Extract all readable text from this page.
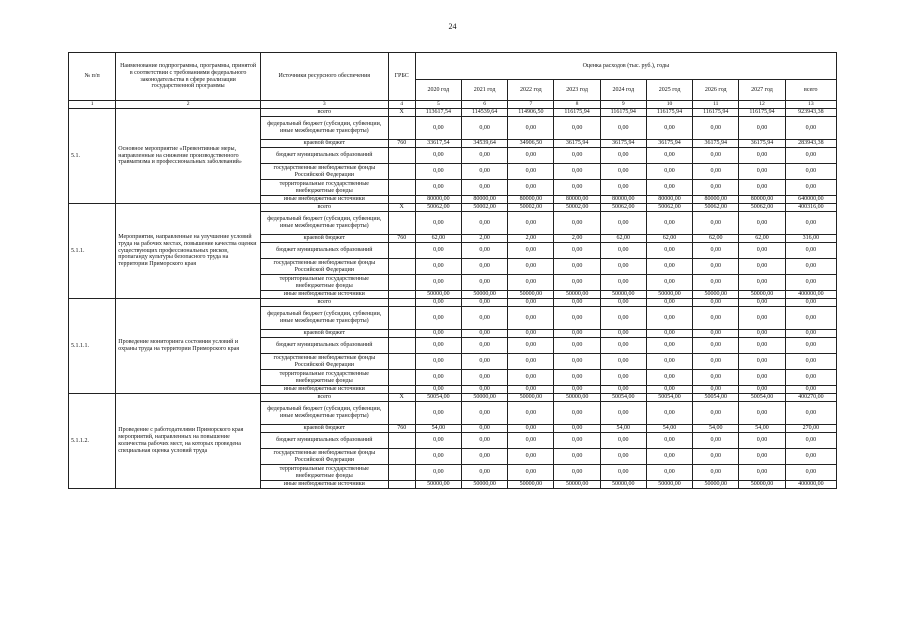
24
№ п/п	Наименование подпрограммы, программы, принятой в соответствии с требованиями федерального законодательства в сфере реализации государственной программы	Источники ресурсного обеспечения	ГРБС	Оценка расходов (тыс. руб.), годы								
				2020 год	2021 год	2022 год	2023 год	2024 год	2025 год	2026 год	2027 год	всего
1	2	3	4	5	6	7	8	9	10	11	12	13
5.1.	Основное мероприятие «Превентивные меры, направленные на снижение производственного травматизма и профессиональных заболеваний»	всего	X	113617,54	114539,64	114906,50	116175,94	116175,94	116175,94	116175,94	116175,94	923943,38
		федеральный бюджет (субсидии, субвенции, иные межбюджетные трансферты)		0,00	0,00	0,00	0,00	0,00	0,00	0,00	0,00	0,00
		краевой бюджет	760	33617,54	34539,64	34906,50	36175,94	36175,94	36175,94	36175,94	36175,94	283943,38
		бюджет муниципальных образований		0,00	0,00	0,00	0,00	0,00	0,00	0,00	0,00	0,00
		государственные внебюджетные фонды Российской Федерации		0,00	0,00	0,00	0,00	0,00	0,00	0,00	0,00	0,00
		территориальные государственные внебюджетные фонды		0,00	0,00	0,00	0,00	0,00	0,00	0,00	0,00	0,00
		иные внебюджетные источники		80000,00	80000,00	80000,00	80000,00	80000,00	80000,00	80000,00	80000,00	640000,00
5.1.1.	Мероприятия, направленные на улучшение условий труда на рабочих местах, повышение качества оценки существующих профессиональных рисков, пропаганду культуры безопасного труда на территории Приморского края	всего	X	50062,00	50002,00	50002,00	50002,00	50062,00	50062,00	50062,00	50062,00	400316,00
		федеральный бюджет (субсидии, субвенции, иные межбюджетные трансферты)		0,00	0,00	0,00	0,00	0,00	0,00	0,00	0,00	0,00
		краевой бюджет	760	62,00	2,00	2,00	2,00	62,00	62,00	62,00	62,00	316,00
		бюджет муниципальных образований		0,00	0,00	0,00	0,00	0,00	0,00	0,00	0,00	0,00
		государственные внебюджетные фонды Российской Федерации		0,00	0,00	0,00	0,00	0,00	0,00	0,00	0,00	0,00
		территориальные государственные внебюджетные фонды		0,00	0,00	0,00	0,00	0,00	0,00	0,00	0,00	0,00
		иные внебюджетные источники		50000,00	50000,00	50000,00	50000,00	50000,00	50000,00	50000,00	50000,00	400000,00
5.1.1.1.	Проведение мониторинга состояния условий и охраны труда на территории Приморского края	всего		0,00	0,00	0,00	0,00	0,00	0,00	0,00	0,00	0,00
		федеральный бюджет (субсидии, субвенции, иные межбюджетные трансферты)		0,00	0,00	0,00	0,00	0,00	0,00	0,00	0,00	0,00
		краевой бюджет		0,00	0,00	0,00	0,00	0,00	0,00	0,00	0,00	0,00
		бюджет муниципальных образований		0,00	0,00	0,00	0,00	0,00	0,00	0,00	0,00	0,00
		государственные внебюджетные фонды Российской Федерации		0,00	0,00	0,00	0,00	0,00	0,00	0,00	0,00	0,00
		территориальные государственные внебюджетные фонды		0,00	0,00	0,00	0,00	0,00	0,00	0,00	0,00	0,00
		иные внебюджетные источники		0,00	0,00	0,00	0,00	0,00	0,00	0,00	0,00	0,00
5.1.1.2.	Проведение с работодателями Приморского края мероприятий, направленных на повышение количества рабочих мест, на которых проведена специальная оценка условий труда	всего	X	50054,00	50000,00	50000,00	50000,00	50054,00	50054,00	50054,00	50054,00	400270,00
		федеральный бюджет (субсидии, субвенции, иные межбюджетные трансферты)		0,00	0,00	0,00	0,00	0,00	0,00	0,00	0,00	0,00
		краевой бюджет	760	54,00	0,00	0,00	0,00	54,00	54,00	54,00	54,00	270,00
		бюджет муниципальных образований		0,00	0,00	0,00	0,00	0,00	0,00	0,00	0,00	0,00
		государственные внебюджетные фонды Российской Федерации		0,00	0,00	0,00	0,00	0,00	0,00	0,00	0,00	0,00
		территориальные государственные внебюджетные фонды		0,00	0,00	0,00	0,00	0,00	0,00	0,00	0,00	0,00
		иные внебюджетные источники		50000,00	50000,00	50000,00	50000,00	50000,00	50000,00	50000,00	50000,00	400000,00
